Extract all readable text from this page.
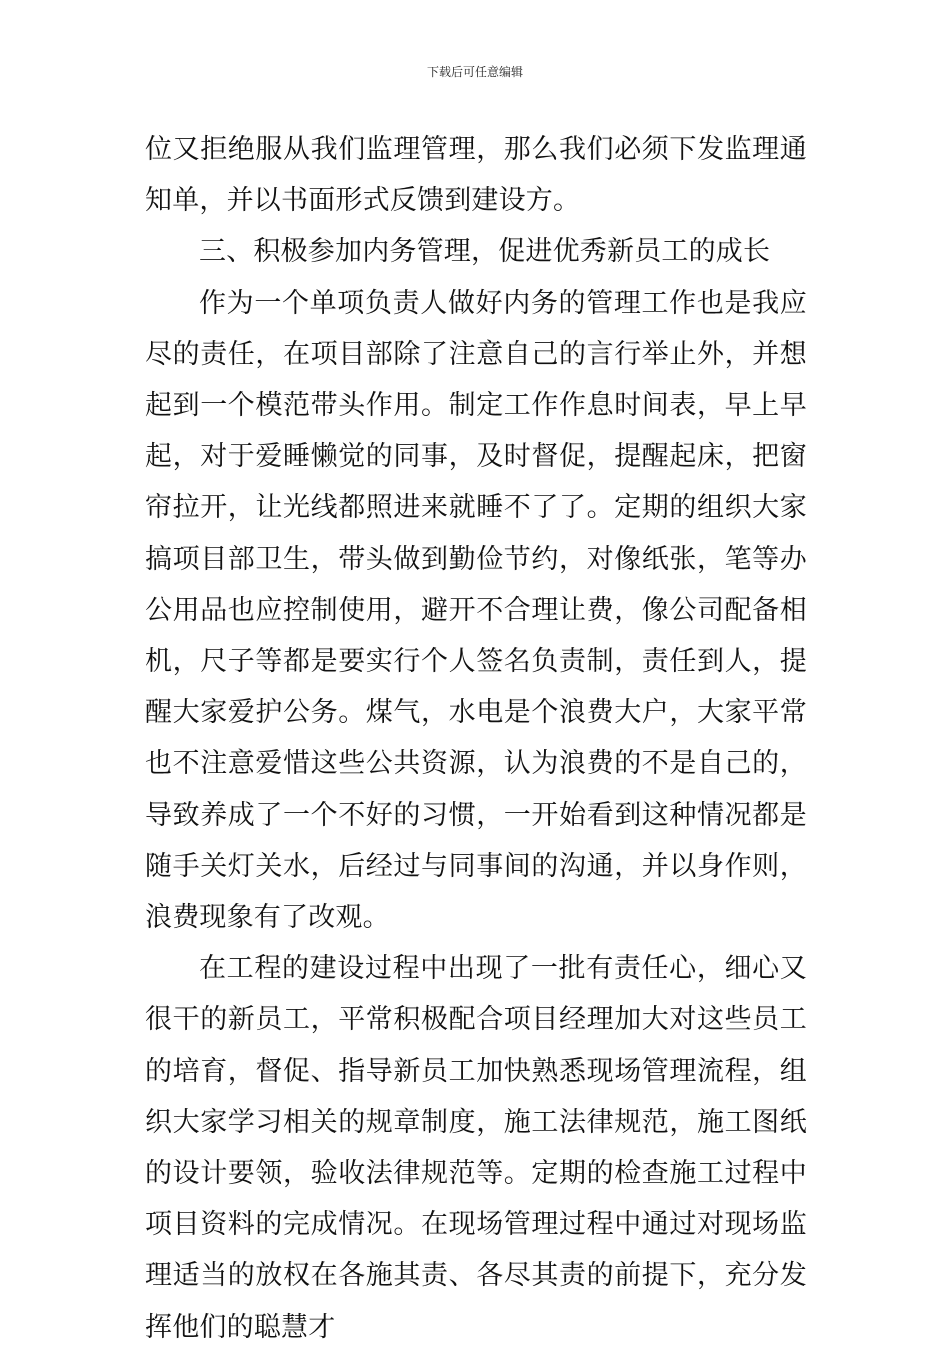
下载后可任意编辑

位又拒绝服从我们监理管理，那么我们必须下发监理通知单，并以书面形式反馈到建设方。

三、积极参加内务管理，促进优秀新员工的成长

作为一个单项负责人做好内务的管理工作也是我应尽的责任，在项目部除了注意自己的言行举止外，并想起到一个模范带头作用。制定工作作息时间表，早上早起，对于爱睡懒觉的同事，及时督促，提醒起床，把窗帘拉开，让光线都照进来就睡不了了。定期的组织大家搞项目部卫生，带头做到勤俭节约，对像纸张，笔等办公用品也应控制使用，避开不合理让费，像公司配备相机，尺子等都是要实行个人签名负责制，责任到人，提醒大家爱护公务。煤气，水电是个浪费大户，大家平常也不注意爱惜这些公共资源，认为浪费的不是自己的，导致养成了一个不好的习惯，一开始看到这种情况都是随手关灯关水，后经过与同事间的沟通，并以身作则，浪费现象有了改观。

在工程的建设过程中出现了一批有责任心，细心又很干的新员工，平常积极配合项目经理加大对这些员工的培育，督促、指导新员工加快熟悉现场管理流程，组织大家学习相关的规章制度，施工法律规范，施工图纸的设计要领，验收法律规范等。定期的检查施工过程中项目资料的完成情况。在现场管理过程中通过对现场监理适当的放权在各施其责、各尽其责的前提下，充分发挥他们的聪慧才
